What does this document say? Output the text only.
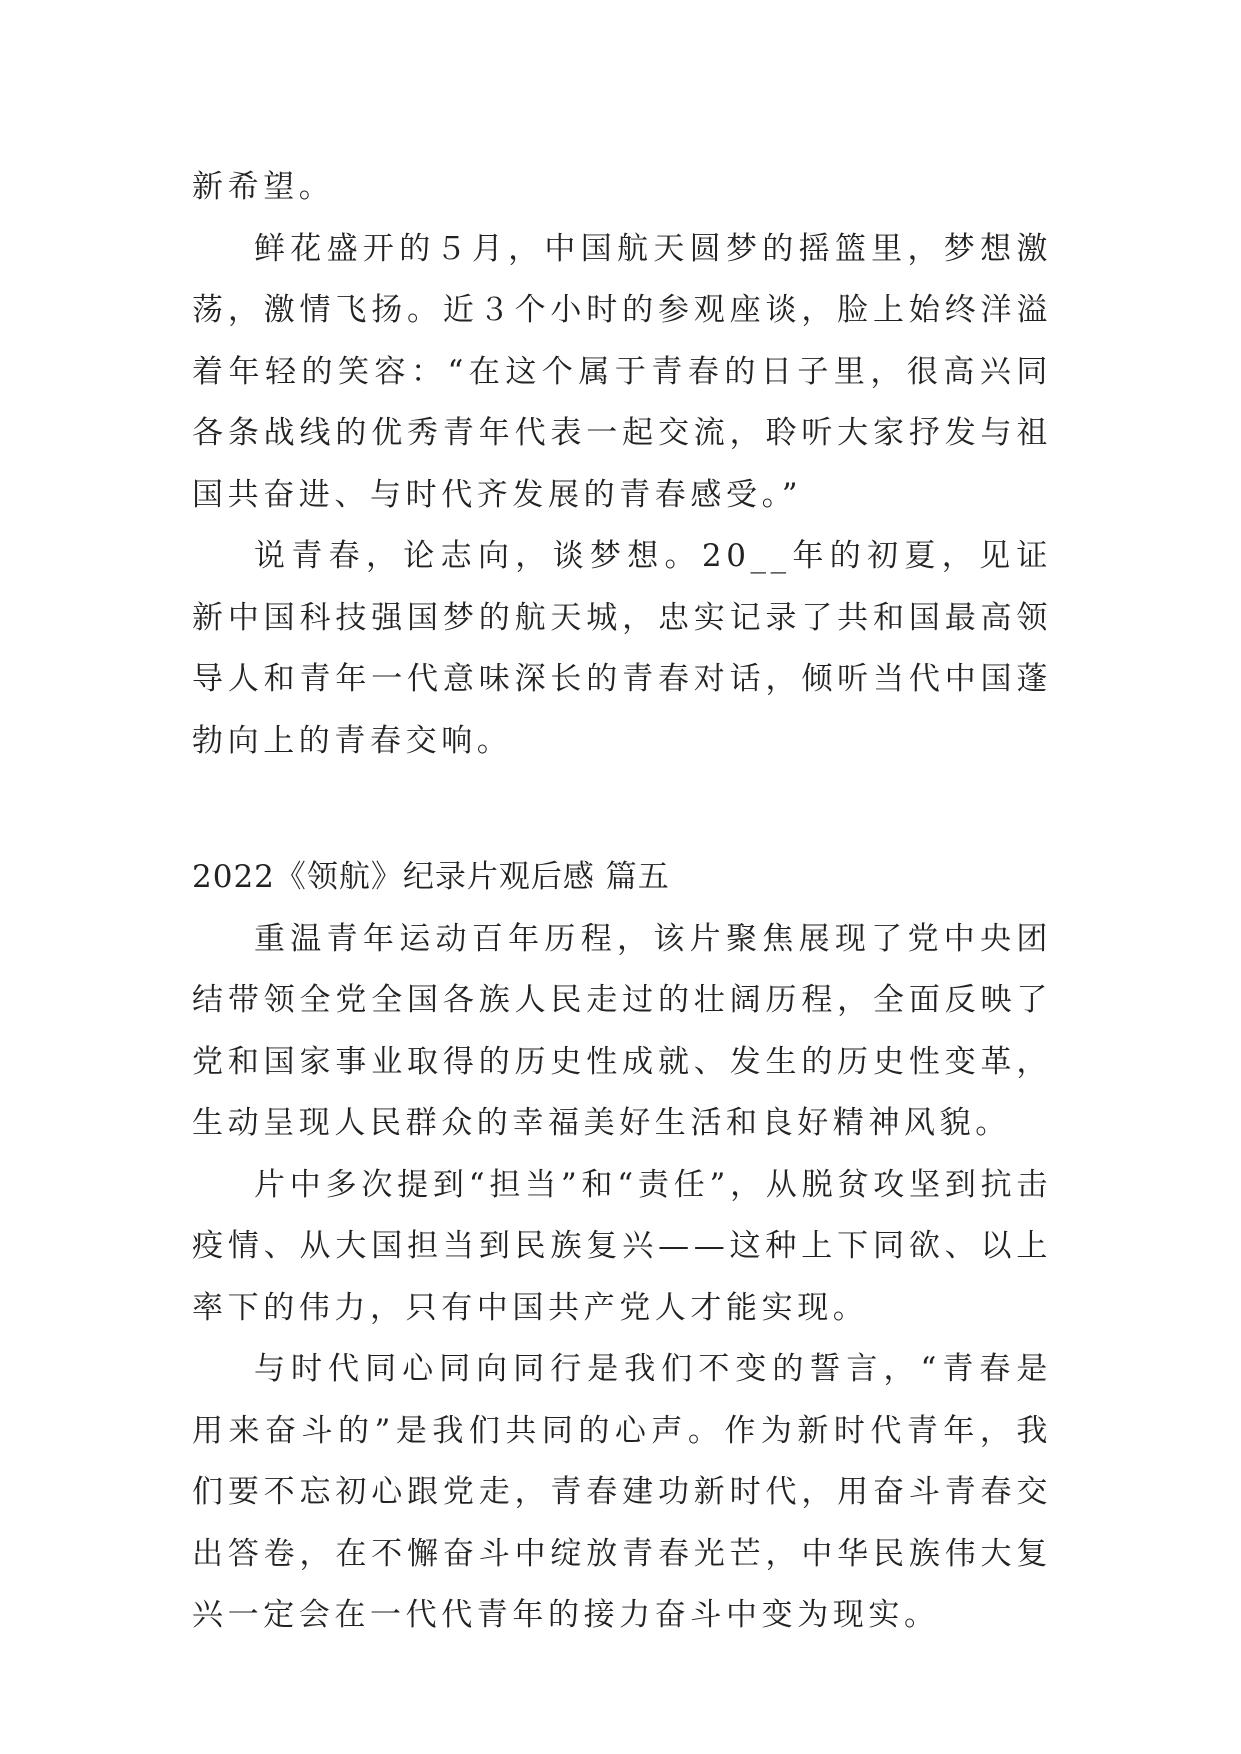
新希望。

鲜花盛开的５月，中国航天圆梦的摇篮里，梦想激荡，激情飞扬。近３个小时的参观座谈，脸上始终洋溢着年轻的笑容：“在这个属于青春的日子里，很高兴同各条战线的优秀青年代表一起交流，聆听大家抒发与祖国共奋进、与时代齐发展的青春感受。”

说青春，论志向，谈梦想。20__年的初夏，见证新中国科技强国梦的航天城，忠实记录了共和国最高领导人和青年一代意味深长的青春对话，倾听当代中国蓬勃向上的青春交响。

2022《领航》纪录片观后感 篇五

重温青年运动百年历程，该片聚焦展现了党中央团结带领全党全国各族人民走过的壮阔历程，全面反映了党和国家事业取得的历史性成就、发生的历史性变革，生动呈现人民群众的幸福美好生活和良好精神风貌。

片中多次提到“担当”和“责任”，从脱贫攻坚到抗击疫情、从大国担当到民族复兴——这种上下同欲、以上率下的伟力，只有中国共产党人才能实现。

与时代同心同向同行是我们不变的誓言，“青春是用来奋斗的”是我们共同的心声。作为新时代青年，我们要不忘初心跟党走，青春建功新时代，用奋斗青春交出答卷，在不懈奋斗中绽放青春光芒，中华民族伟大复兴一定会在一代代青年的接力奋斗中变为现实。
